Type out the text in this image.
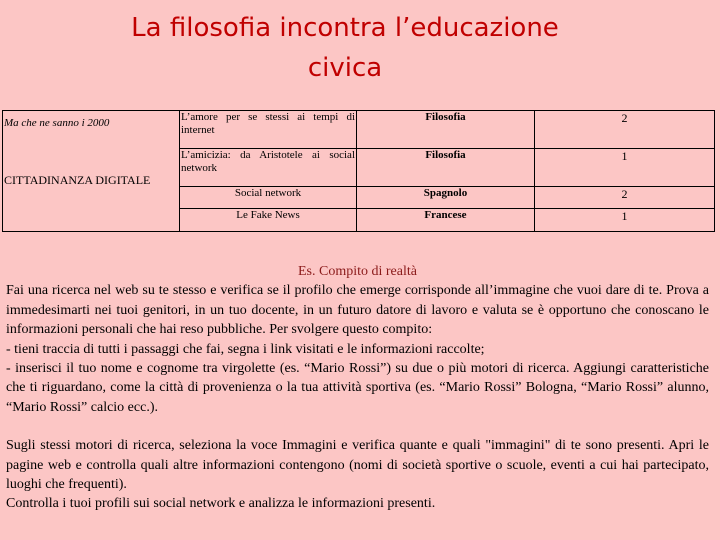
La filosofia incontra l’educazione
civica
Ma che ne sanno i 2000
CITTADINANZA DIGITALE	L’amore per se stessi ai tempi di internet	Filosofia	2
	L’amicizia: da Aristotele ai social network	Filosofia	1
	Social network	Spagnolo	2
	Le Fake News	Francese	1
Es. Compito di realtà

Fai una ricerca nel web su te stesso e verifica se il profilo che emerge corrisponde all’immagine che vuoi dare di te. Prova a immedesimarti nei tuoi genitori, in un tuo docente, in un futuro datore di lavoro e valuta se è opportuno che conoscano le informazioni personali che hai reso pubbliche. Per svolgere questo compito:

- tieni traccia di tutti i passaggi che fai, segna i link visitati e le informazioni raccolte;

- inserisci il tuo nome e cognome tra virgolette (es. “Mario Rossi”) su due o più motori di ricerca. Aggiungi caratteristiche che ti riguardano, come la città di provenienza o la tua attività sportiva (es. “Mario Rossi” Bologna, “Mario Rossi” alunno, “Mario Rossi” calcio ecc.).

Sugli stessi motori di ricerca, seleziona la voce Immagini e verifica quante e quali "immagini" di te sono presenti. Apri le pagine web e controlla quali altre informazioni contengono (nomi di società sportive o scuole, eventi a cui hai partecipato, luoghi che frequenti).

Controlla i tuoi profili sui social network e analizza le informazioni presenti.
